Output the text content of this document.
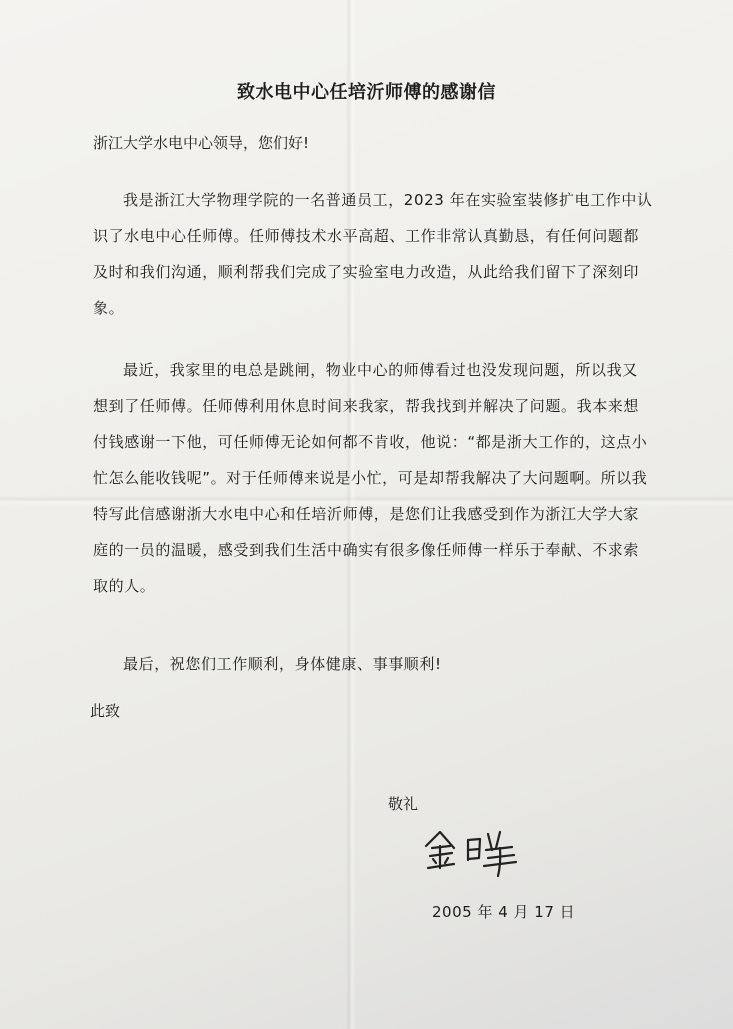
致水电中心任培沂师傅的感谢信
浙江大学水电中心领导，您们好!

我是浙江大学物理学院的一名普通员工，2023 年在实验室装修扩电工作中认识了水电中心任师傅。任师傅技术水平高超、工作非常认真勤恳，有任何问题都及时和我们沟通，顺利帮我们完成了实验室电力改造，从此给我们留下了深刻印象。

最近，我家里的电总是跳闸，物业中心的师傅看过也没发现问题，所以我又想到了任师傅。任师傅利用休息时间来我家，帮我找到并解决了问题。我本来想付钱感谢一下他，可任师傅无论如何都不肯收，他说：“都是浙大工作的，这点小忙怎么能收钱呢”。对于任师傅来说是小忙，可是却帮我解决了大问题啊。所以我特写此信感谢浙大水电中心和任培沂师傅，是您们让我感受到作为浙江大学大家庭的一员的温暖，感受到我们生活中确实有很多像任师傅一样乐于奉献、不求索取的人。

最后，祝您们工作顺利，身体健康、事事顺利!

此致
敬礼
2005 年 4 月 17 日
